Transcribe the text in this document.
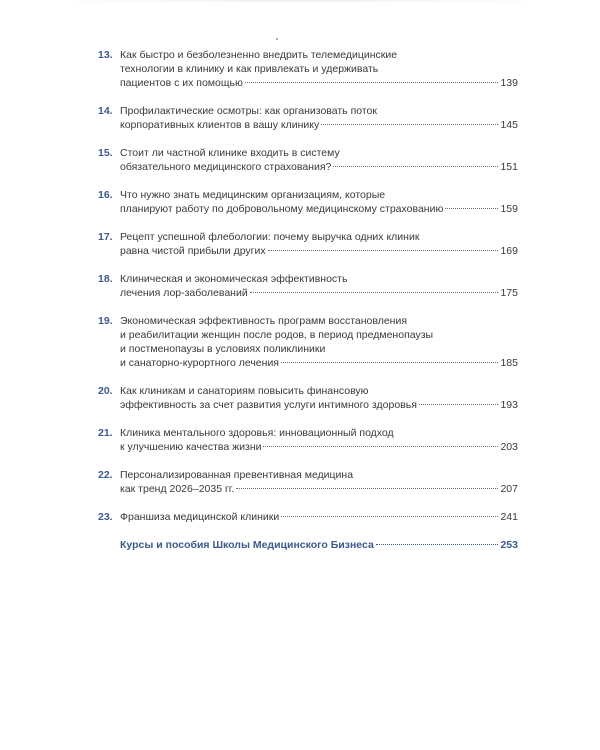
13. Как быстро и безболезненно внедрить телемедицинские
технологии в клинику и как привлекать и удерживать
пациентов с их помощью	139
14. Профилактические осмотры: как организовать поток
корпоративных клиентов в вашу клинику	145
15. Стоит ли частной клинике входить в систему
обязательного медицинского страхования?	151
16. Что нужно знать медицинским организациям, которые
планируют работу по добровольному медицинскому страхованию	159
17. Рецепт успешной флебологии: почему выручка одних клиник
равна чистой прибыли других	169
18. Клиническая и экономическая эффективность
лечения лор-заболеваний	175
19. Экономическая эффективность программ восстановления
и реабилитации женщин после родов, в период предменопаузы
и постменопаузы в условиях поликлиники
и санаторно-курортного лечения	185
20. Как клиникам и санаториям повысить финансовую
эффективность за счет развития услуги интимного здоровья	193
21. Клиника ментального здоровья: инновационный подход
к улучшению качества жизни	203
22. Персонализированная превентивная медицина
как тренд 2026–2035 гг.	207
23. Франшиза медицинской клиники	241
Курсы и пособия Школы Медицинского Бизнеса	253
